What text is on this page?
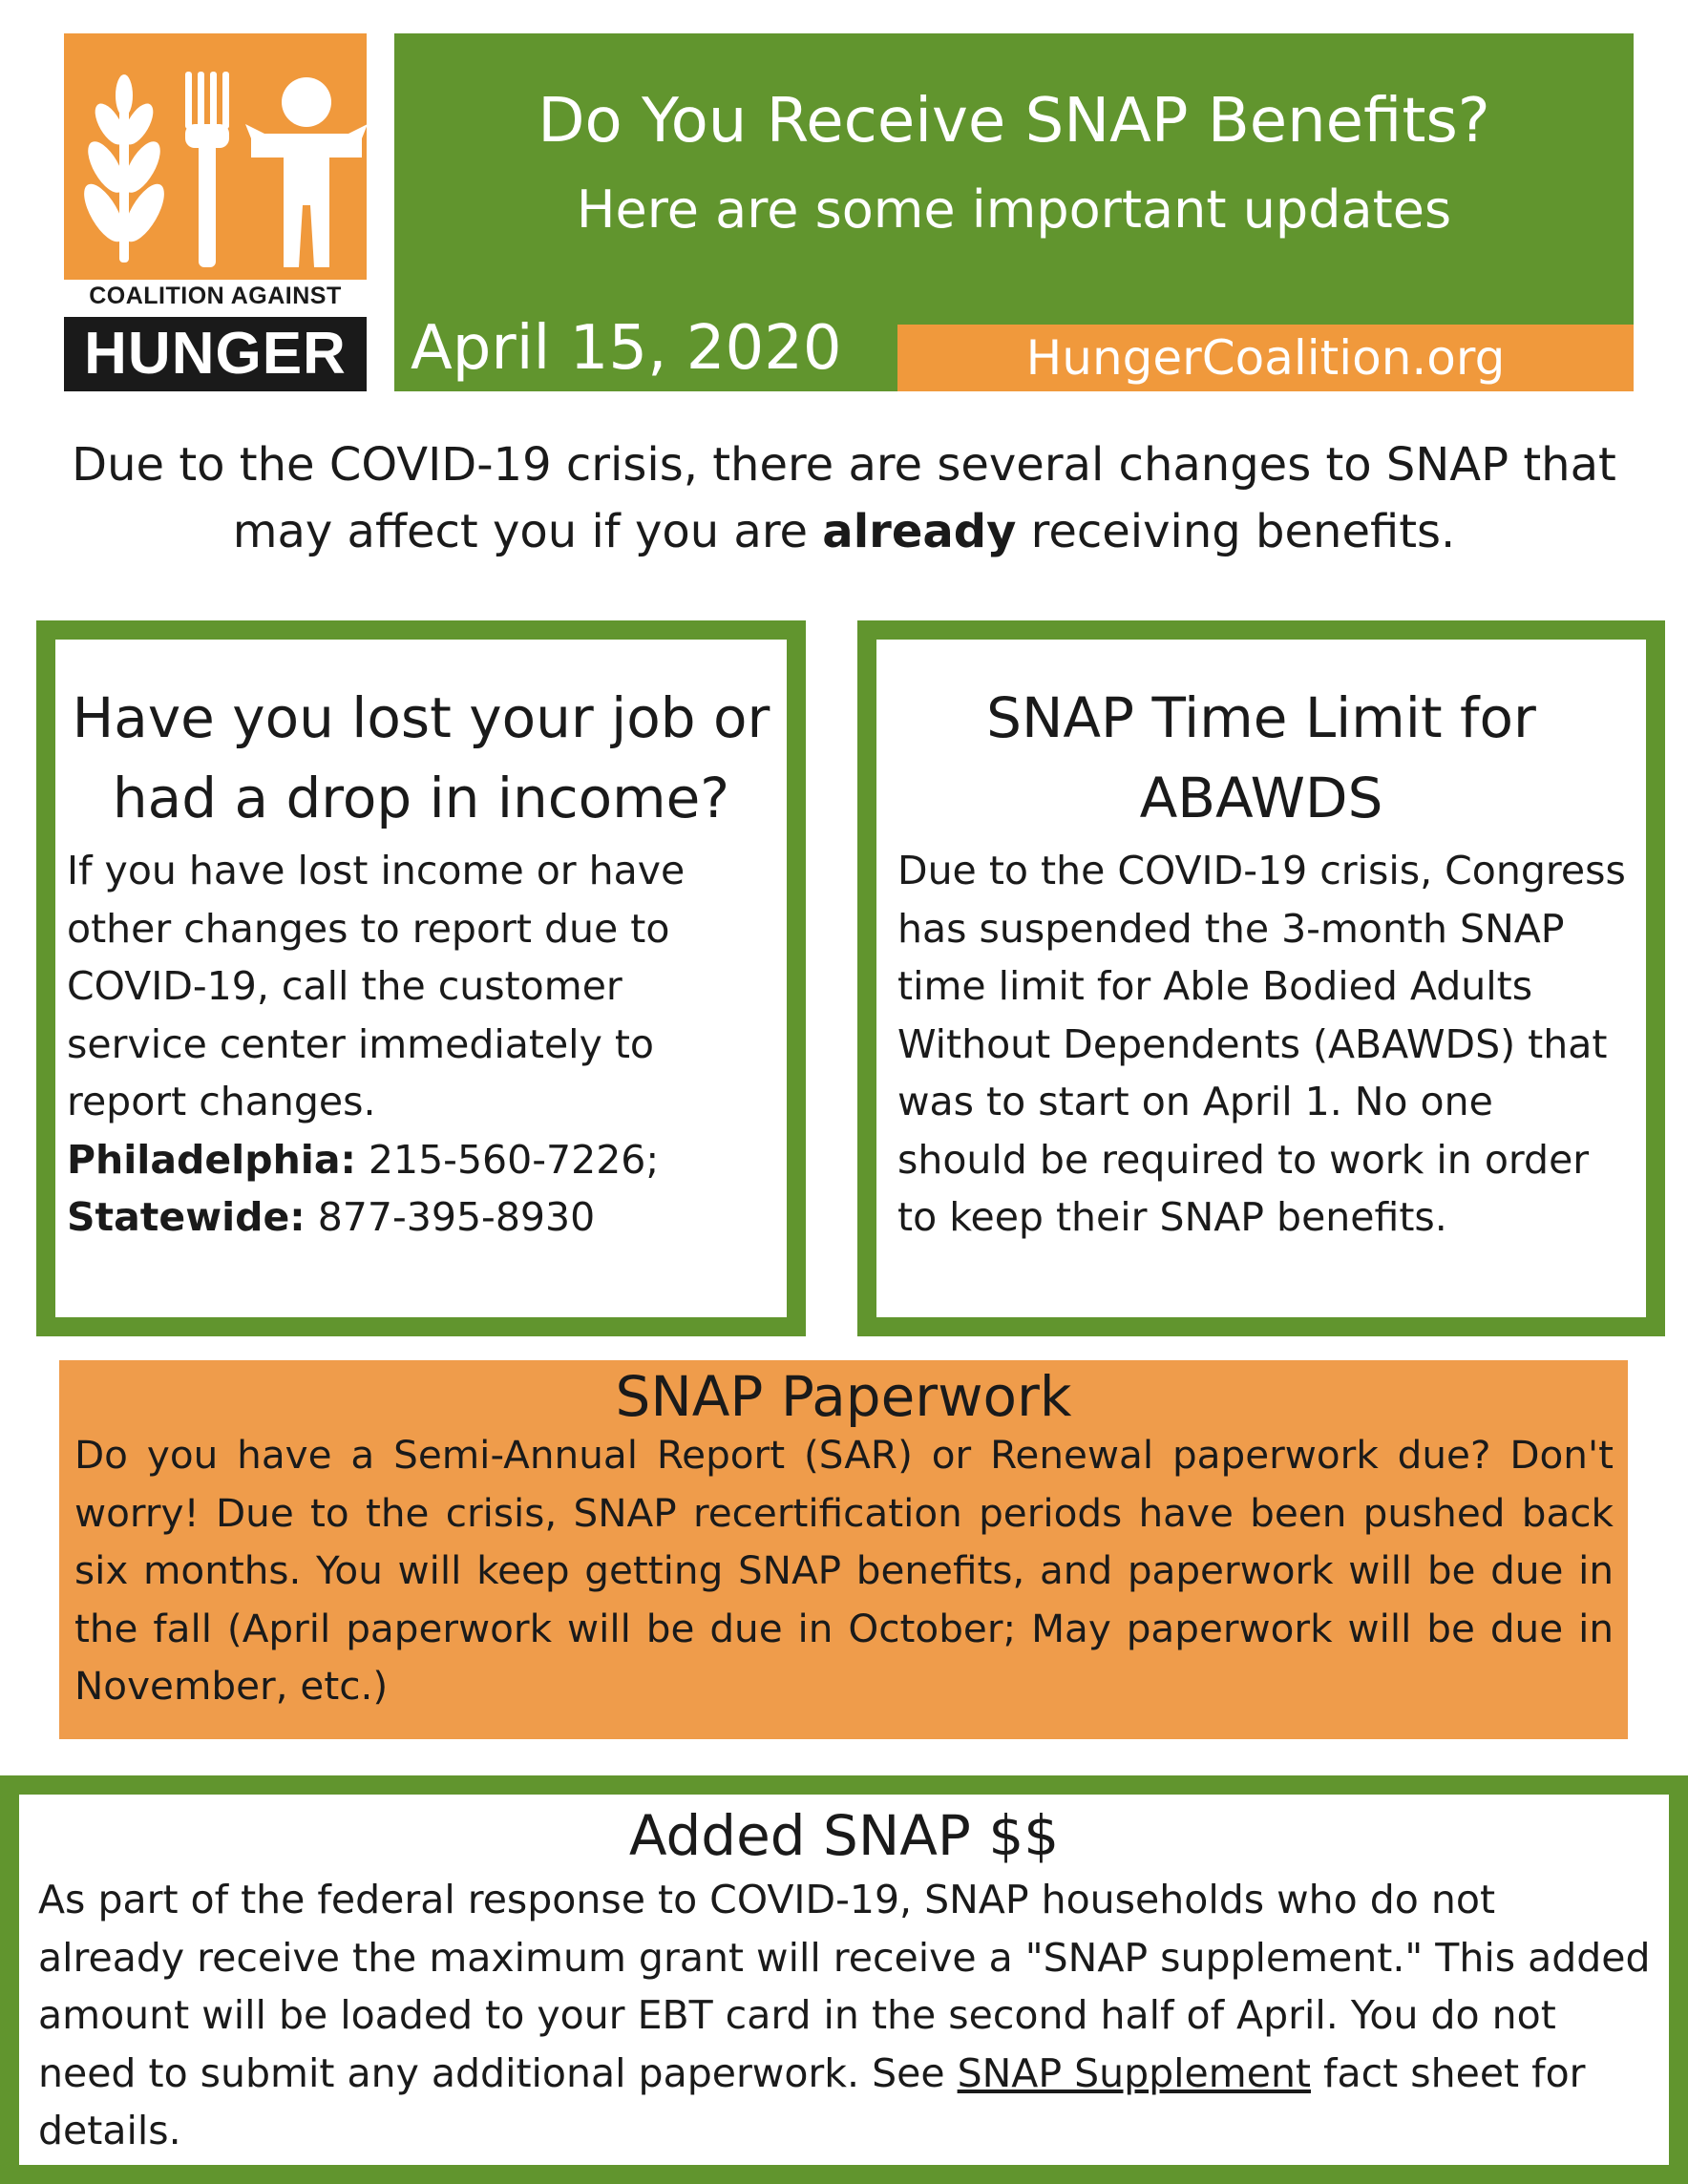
COALITION AGAINST
HUNGER
Do You Receive SNAP Benefits?
Here are some important updates
April 15, 2020	HungerCoalition.org
Due to the COVID-19 crisis, there are several changes to SNAP that may affect you if you are already receiving benefits.
Have you lost your job or
had a drop in income?
If you have lost income or have other changes to report due to COVID-19, call the customer service center immediately to report changes.
Philadelphia: 215-560-7226;
Statewide: 877-395-8930
SNAP Time Limit for
ABAWDS
Due to the COVID-19 crisis, Congress has suspended the 3-month SNAP time limit for Able Bodied Adults Without Dependents (ABAWDS) that was to start on April 1. No one should be required to work in order to keep their SNAP benefits.
SNAP Paperwork
Do you have a Semi-Annual Report (SAR) or Renewal paperwork due? Don't worry! Due to the crisis, SNAP recertification periods have been pushed back six months. You will keep getting SNAP benefits, and paperwork will be due in the fall (April paperwork will be due in October; May paperwork will be due in November, etc.)
Added SNAP $$
As part of the federal response to COVID-19, SNAP households who do not already receive the maximum grant will receive a "SNAP supplement." This added amount will be loaded to your EBT card in the second half of April. You do not need to submit any additional paperwork. See SNAP Supplement fact sheet for details.
